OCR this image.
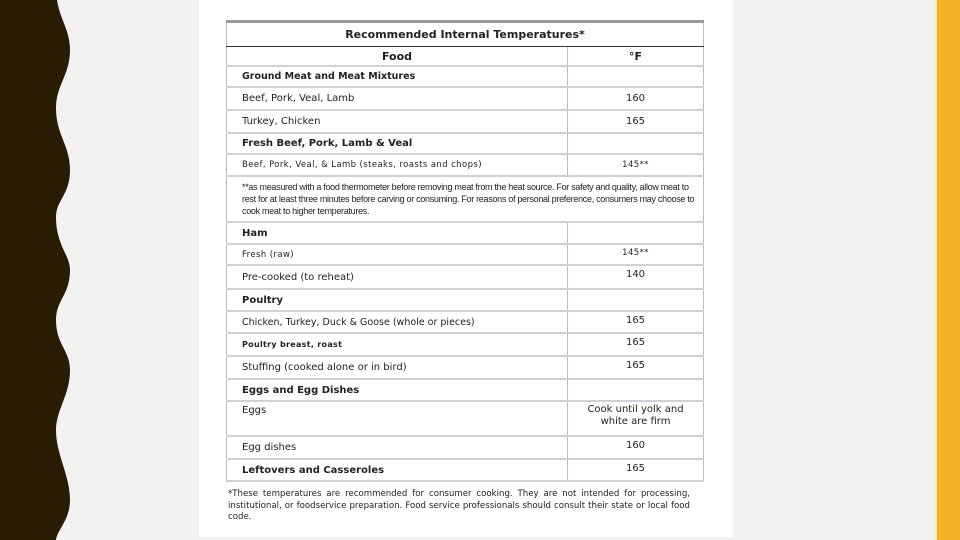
Recommended Internal Temperatures*	
Food	°F
Ground Meat and Meat Mixtures	
Beef, Pork, Veal, Lamb	160
Turkey, Chicken	165
Fresh Beef, Pork, Lamb & Veal	
Beef, Pork, Veal, & Lamb (steaks, roasts and chops)	145**
**as measured with a food thermometer before removing meat from the heat source. For safety and quality, allow meat to rest for at least three minutes before carving or consuming. For reasons of personal preference, consumers may choose to cook meat to higher temperatures.	
Ham	
Fresh (raw)	145**
Pre-cooked (to reheat)	140
Poultry	
Chicken, Turkey, Duck & Goose (whole or pieces)	165
Poultry breast, roast	165
Stuffing (cooked alone or in bird)	165
Eggs and Egg Dishes	
Eggs	Cook until yolk and white are firm
Egg dishes	160
Leftovers and Casseroles	165
*These temperatures are recommended for consumer cooking. They are not intended for processing, institutional, or foodservice preparation. Food service professionals should consult their state or local food code.
